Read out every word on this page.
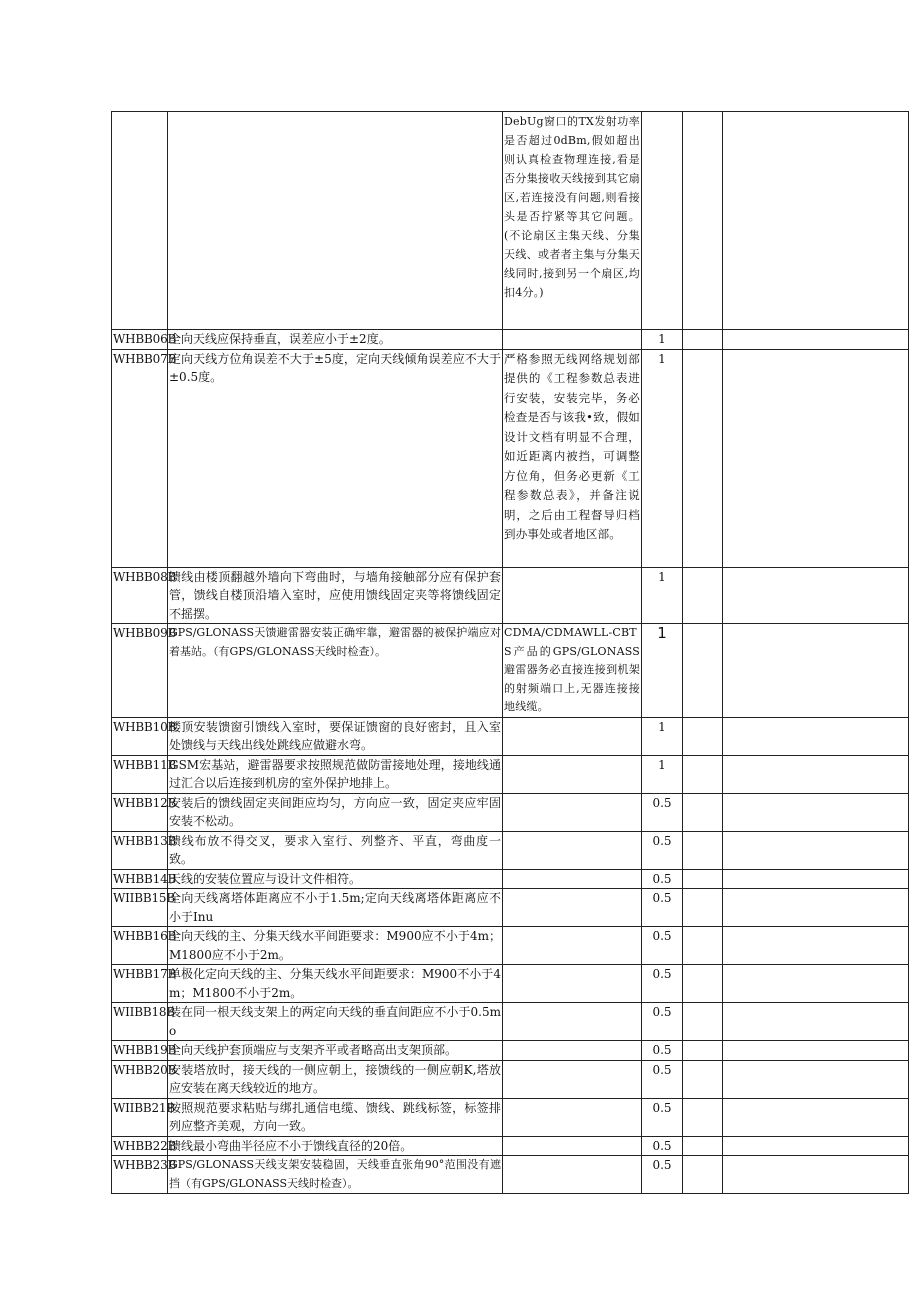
		DebUg窗口的TX发射功率是否超过0dBm,假如超出则认真检查物理连接,看是否分集接收天线接到其它扇区,若连接没有问题,则看接头是否拧紧等其它问题。(不论扇区主集天线、分集天线、或者者主集与分集天线同时,接到另一个扇区,均扣4分。)			
WHBB06B	全向天线应保持垂直，误差应小于±2度。		1		
WHBB07B	定向天线方位角误差不大于±5度，定向天线倾角误差应不大于±0.5度。	严格参照无线网络规划部提供的《工程参数总表进行安装，安装完毕，务必检查是否与该我•致，假如设计文档有明显不合理，如近距离内被挡，可调整方位角，但务必更新《工程参数总表》，并备注说明，之后由工程督导归档到办事处或者地区部。	1		
WHBB08B	馈线由楼顶翻越外墙向下弯曲时，与墙角接触部分应有保护套管，馈线自楼顶沿墙入室时，应使用馈线固定夹等将馈线固定不摇摆。		1		
WHBB09B	GPS/GLONASS天馈避雷器安装正确牢靠，避雷器的被保护端应对着基站。（有GPS/GLONASS天线时检查）。	CDMA/CDMAWLL-CBTS产品的GPS/GLONASS避雷器务必直接连接到机架的射频端口上,无器连接接地线缆。	1		
WHBB10B	楼顶安装馈窗引馈线入室时，要保证馈窗的良好密封，且入室处馈线与天线出线处跳线应做避水弯。		1		
WHBB11B	GSM宏基站，避雷器要求按照规范做防雷接地处理，接地线通过汇合以后连接到机房的室外保护地排上。		1		
WHBB12B	安装后的馈线固定夹间距应均匀，方向应一致，固定夹应牢固安装不松动。		0.5		
WHBB13B	馈线布放不得交叉，要求入室行、列整齐、平直，弯曲度一致。		0.5		
WHBB14B	天线的安装位置应与设计文件相符。		0.5		
WIIBB15B	全向天线离塔体距离应不小于1.5m;定向天线离塔体距离应不小于Inu		0.5		
WHBB16B	全向天线的主、分集天线水平间距要求：M900应不小于4m；M1800应不小于2m。		0.5		
WHBB17B	单极化定向天线的主、分集天线水平间距要求：M900不小于4m；M1800不小于2m。		0.5		
WIIBB18B	装在同一根天线支架上的两定向天线的垂直间距应不小于0.5mo		0.5		
WHBB19B	全向天线护套顶端应与支架齐平或者略高出支架顶部。		0.5		
WHBB20B	安装塔放时，接天线的一侧应朝上，接馈线的一侧应朝K,塔放应安装在离天线较近的地方。		0.5		
WIIBB21B	按照规范要求粘贴与绑扎通信电缆、馈线、跳线标签，标签排列应整齐美观，方向一致。		0.5		
WHBB22B	馈线最小弯曲半径应不小于馈线直径的20倍。		0.5		
WHBB23B	GPS/GLONASS天线支架安装稳固，天线垂直张角90°范围没有遮挡（有GPS/GLONASS天线时检查）。		0.5		
